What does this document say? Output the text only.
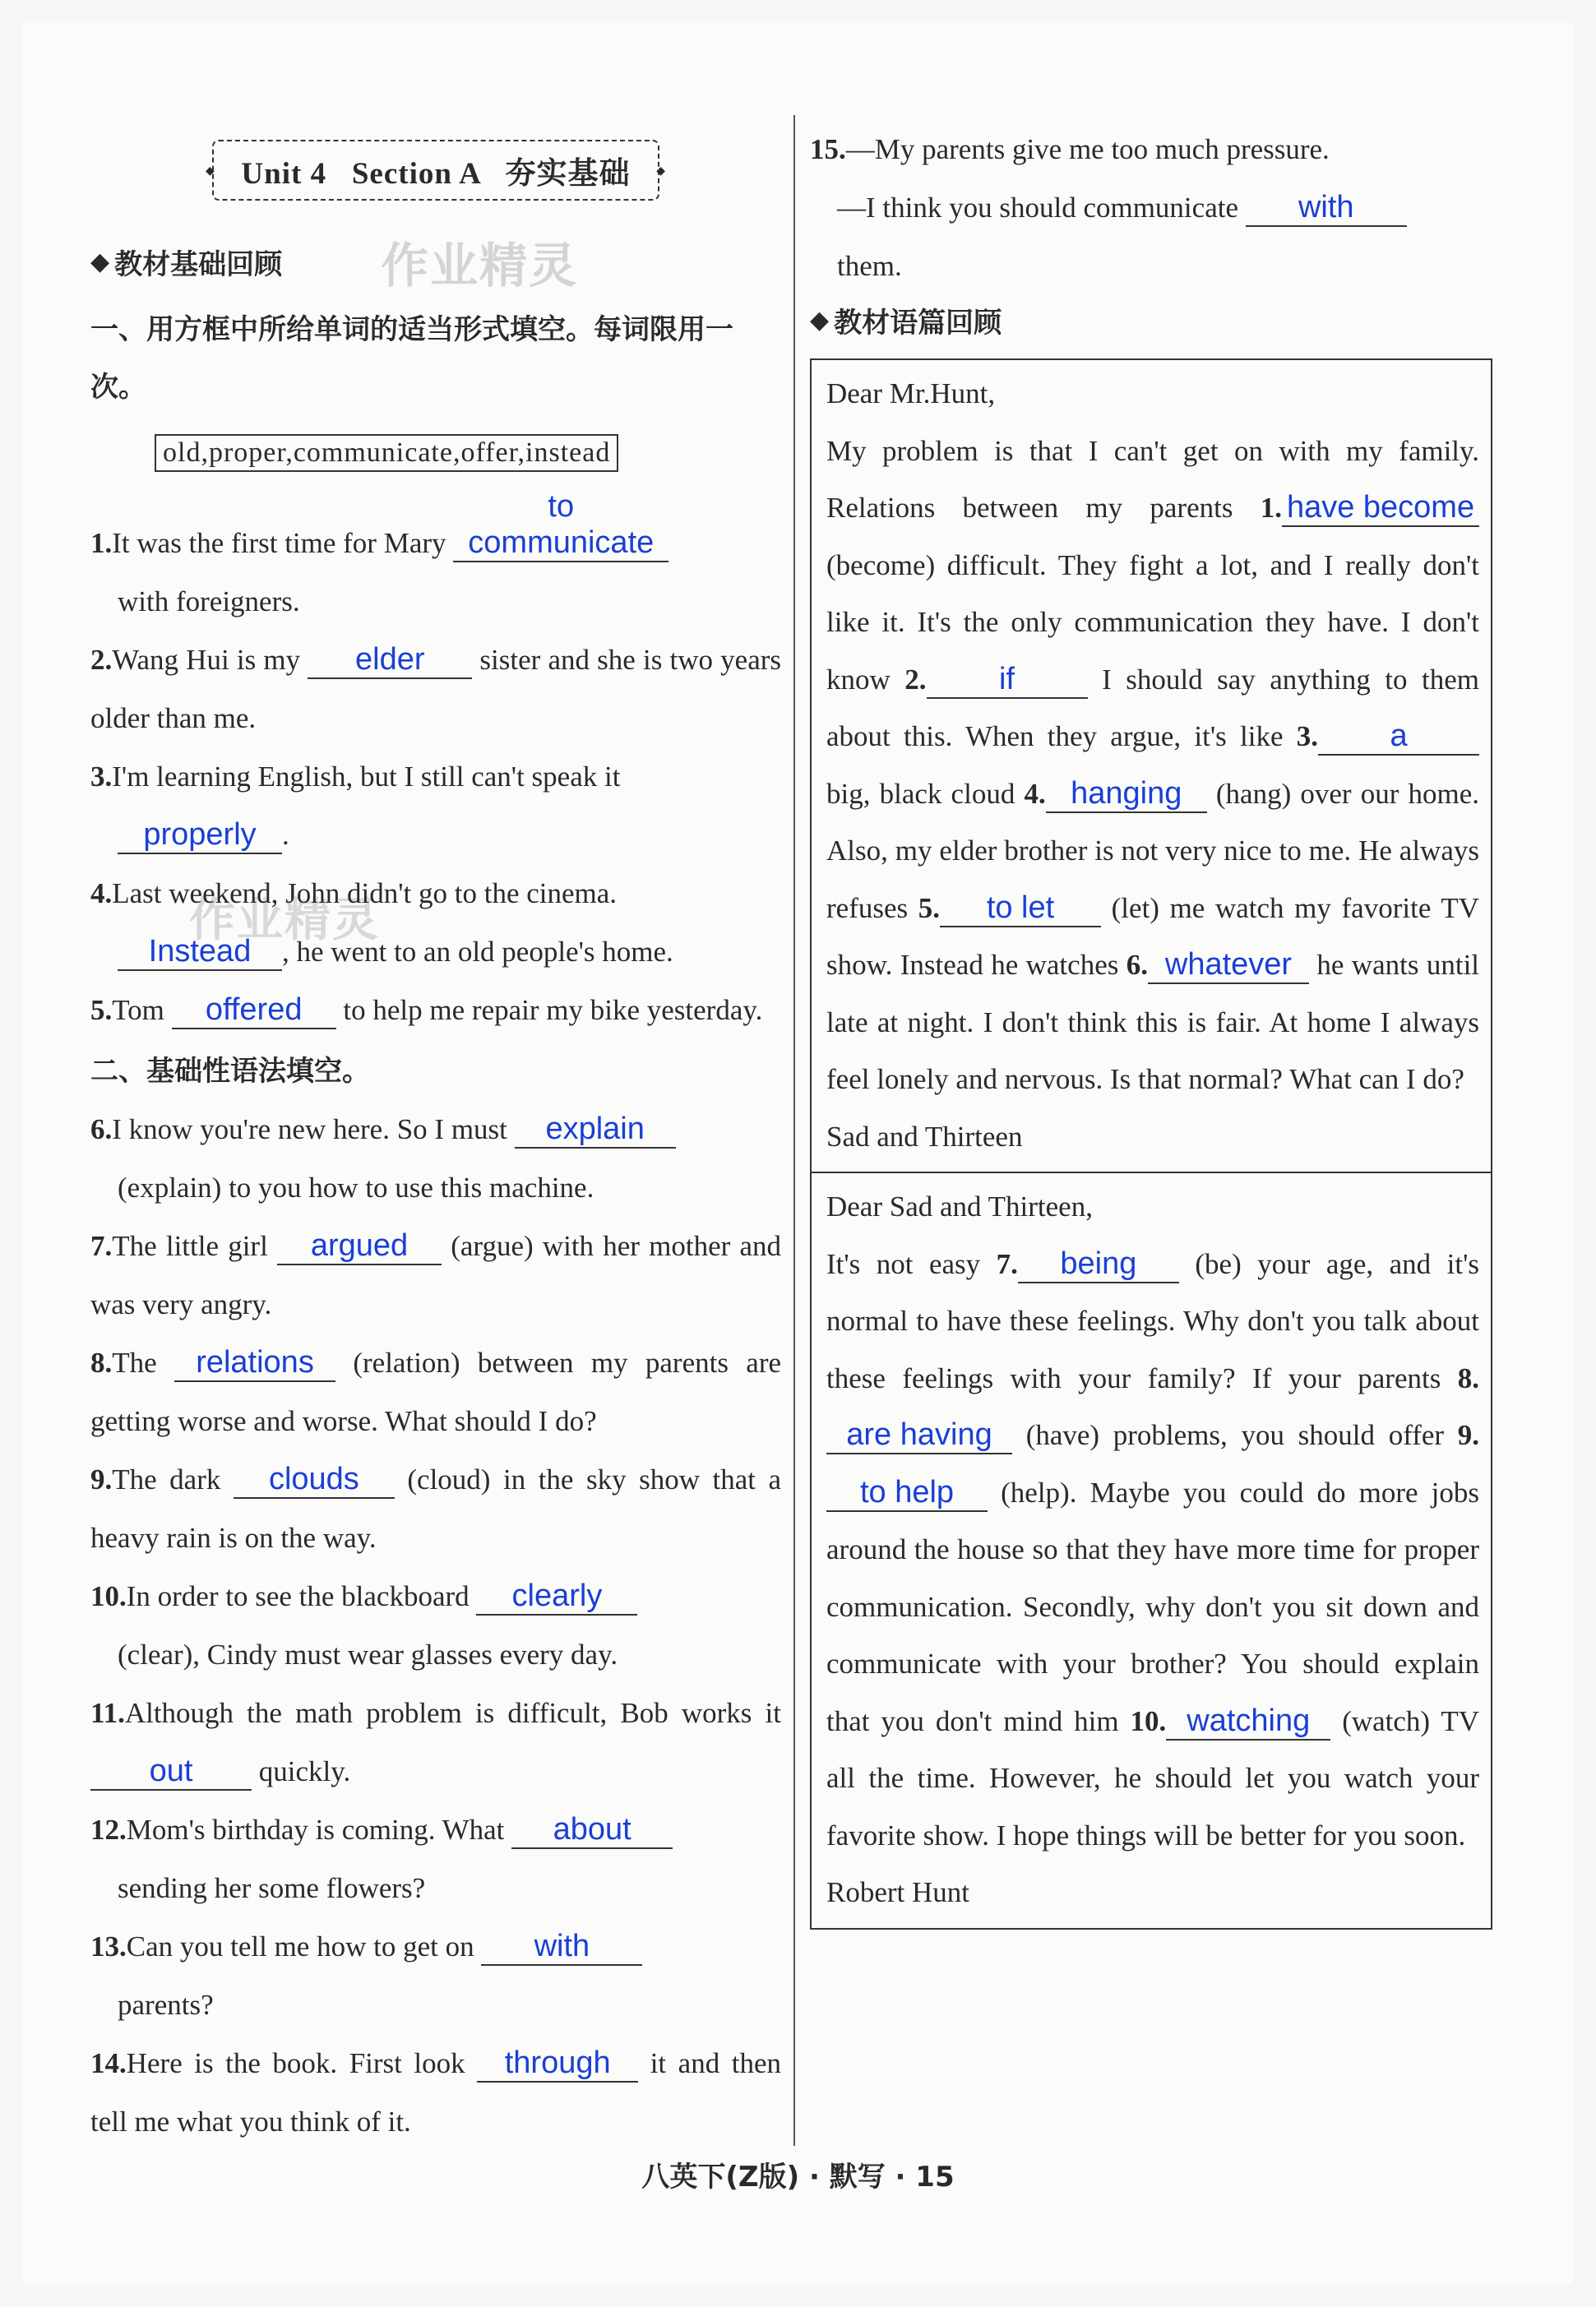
作业精灵
◆ Unit 4   Section A   夯实基础 ◆
◆ 教材基础回顾 作业精灵
一、用方框中所给单词的适当形式填空。每词限用一次。
old,proper,communicate,offer,instead
1.It was the first time for Mary to communicate
with foreigners.
2.Wang Hui is my elder sister and she is two years older than me.
3.I'm learning English, but I still can't speak it
properly .
4.Last weekend, John didn't go to the cinema.
Instead , he went to an old people's home.
5.Tom offered to help me repair my bike yesterday.
二、基础性语法填空。
6.I know you're new here. So I must explain
(explain) to you how to use this machine.
7.The little girl argued (argue) with her mother and was very angry.
8.The relations (relation) between my parents are getting worse and worse. What should I do?
9.The dark clouds (cloud) in the sky show that a heavy rain is on the way.
10.In order to see the blackboard clearly
(clear), Cindy must wear glasses every day.
11.Although the math problem is difficult, Bob works it out quickly.
12.Mom's birthday is coming. What about
sending her some flowers?
13.Can you tell me how to get on with
parents?
14.Here is the book. First look through it and then tell me what you think of it.
15.—My parents give me too much pressure.
—I think you should communicate with
them.
◆ 教材语篇回顾
Dear Mr.Hunt,
My problem is that I can't get on with my family. Relations between my parents 1. have become (become) difficult. They fight a lot, and I really don't like it. It's the only communication they have. I don't know 2. if	I should say anything to them about this. When they argue, it's like 3. a big, black cloud 4. hanging (hang) over our home. Also, my elder brother is not very nice to me. He always refuses 5. to let (let) me watch my favorite TV show. Instead he watches 6. whatever he wants until late at night. I don't think this is fair. At home I always feel lonely and nervous. Is that normal? What can I do?
Sad and Thirteen
Dear Sad and Thirteen,
It's not easy 7. being (be) your age, and it's normal to have these feelings. Why don't you talk about these feelings with your family? If your parents 8.are having (have) problems, you should offer 9.to help (help). Maybe you could do more jobs around the house so that they have more time for proper communication. Secondly, why don't you sit down and communicate with your brother? You should explain that you don't mind him 10. watching (watch) TV all the time. However, he should let you watch your favorite show. I hope things will be better for you soon.
Robert Hunt
八英下(Z版) · 默写 · 15
